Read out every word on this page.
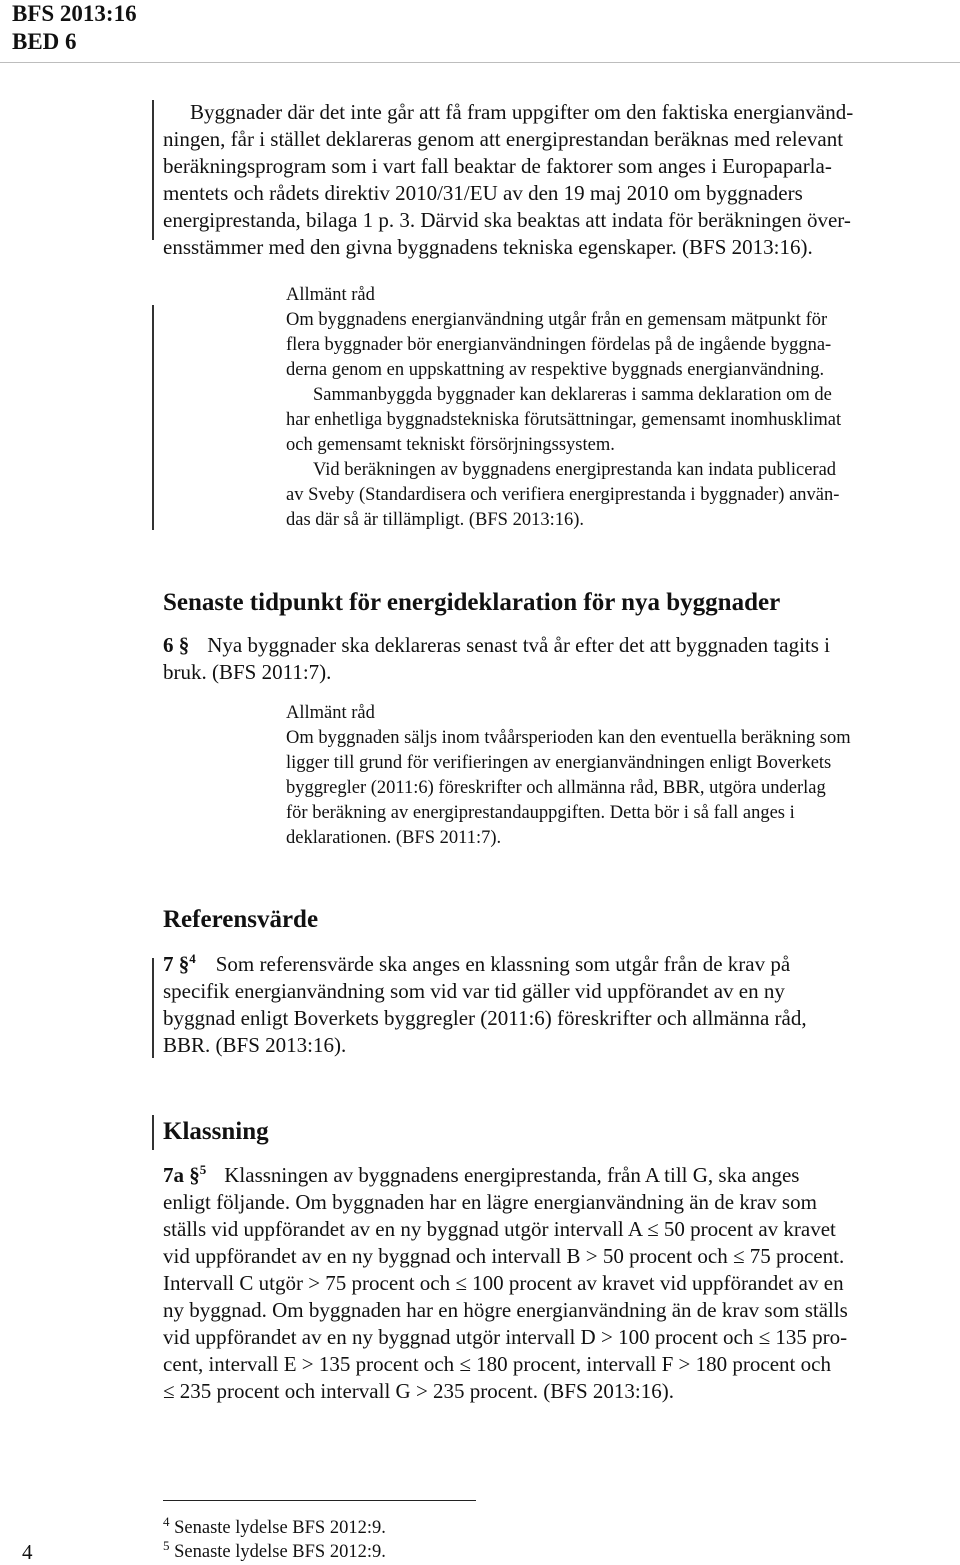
BFS 2013:16
BED 6

Byggnader där det inte går att få fram uppgifter om den faktiska energianvänd-

ningen, får i stället deklareras genom att energiprestandan beräknas med relevant

beräkningsprogram som i vart fall beaktar de faktorer som anges i Europaparla-

mentets och rådets direktiv 2010/31/EU av den 19 maj 2010 om byggnaders

energiprestanda, bilaga 1 p. 3. Därvid ska beaktas att indata för beräkningen över-

ensstämmer med den givna byggnadens tekniska egenskaper. (BFS 2013:16).

Allmänt råd

Om byggnadens energianvändning utgår från en gemensam mätpunkt för

flera byggnader bör energianvändningen fördelas på de ingående byggna-

derna genom en uppskattning av respektive byggnads energianvändning.

Sammanbyggda byggnader kan deklareras i samma deklaration om de

har enhetliga byggnadstekniska förutsättningar, gemensamt inomhusklimat

och gemensamt tekniskt försörjningssystem.

Vid beräkningen av byggnadens energiprestanda kan indata publicerad

av Sveby (Standardisera och verifiera energiprestanda i byggnader) använ-

das där så är tillämpligt. (BFS 2013:16).

Senaste tidpunkt för energideklaration för nya byggnader

6 § Nya byggnader ska deklareras senast två år efter det att byggnaden tagits i

bruk. (BFS 2011:7).

Allmänt råd

Om byggnaden säljs inom tvåårsperioden kan den eventuella beräkning som

ligger till grund för verifieringen av energianvändningen enligt Boverkets

byggregler (2011:6) föreskrifter och allmänna råd, BBR, utgöra underlag

för beräkning av energiprestandauppgiften. Detta bör i så fall anges i

deklarationen. (BFS 2011:7).

Referensvärde

7 §$^4$ Som referensvärde ska anges en klassning som utgår från de krav på

specifik energianvändning som vid var tid gäller vid uppförandet av en ny

byggnad enligt Boverkets byggregler (2011:6) föreskrifter och allmänna råd,

BBR. (BFS 2013:16).

Klassning

7a §$^5$ Klassningen av byggnadens energiprestanda, från A till G, ska anges

enligt följande. Om byggnaden har en lägre energianvändning än de krav som

ställs vid uppförandet av en ny byggnad utgör intervall A ≤ 50 procent av kravet

vid uppförandet av en ny byggnad och intervall B > 50 procent och ≤ 75 procent.

Intervall C utgör > 75 procent och ≤ 100 procent av kravet vid uppförandet av en

ny byggnad. Om byggnaden har en högre energianvändning än de krav som ställs

vid uppförandet av en ny byggnad utgör intervall D > 100 procent och ≤ 135 pro-

cent, intervall E > 135 procent och ≤ 180 procent, intervall F > 180 procent och

≤ 235 procent och intervall G > 235 procent. (BFS 2013:16).

$^4$ Senaste lydelse BFS 2012:9.
$^5$ Senaste lydelse BFS 2012:9.
4
